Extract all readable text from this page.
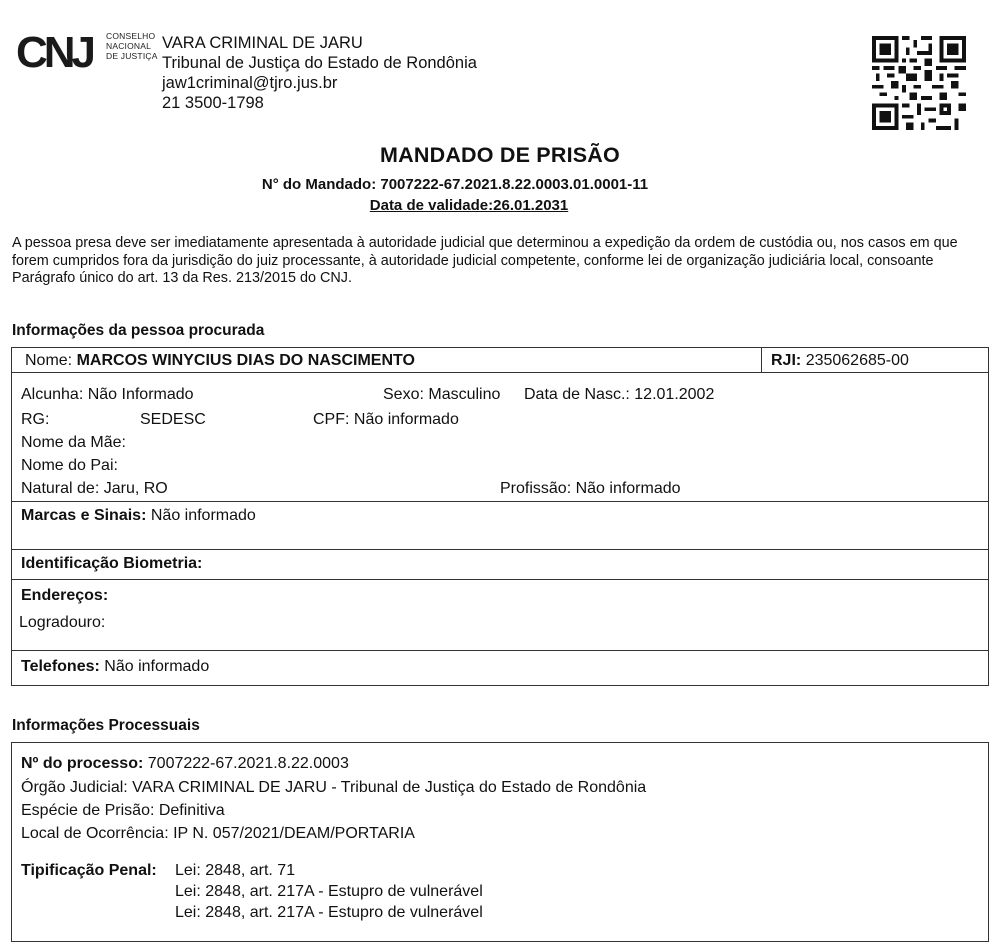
CNJ CONSELHO
NACIONAL
DE JUSTIÇA
VARA CRIMINAL DE JARU
Tribunal de Justiça do Estado de Rondônia
jaw1criminal@tjro.jus.br
21 3500-1798
MANDADO DE PRISÃO
N° do Mandado: 7007222-67.2021.8.22.0003.01.0001-11
Data de validade:26.01.2031
A pessoa presa deve ser imediatamente apresentada à autoridade judicial que determinou a expedição da ordem de custódia ou, nos casos em que forem cumpridos fora da jurisdição do juiz processante, à autoridade judicial competente, conforme lei de organização judiciária local, consoante Parágrafo único do art. 13 da Res. 213/2015 do CNJ.
Informações da pessoa procurada
Nome: MARCOS WINYCIUS DIAS DO NASCIMENTO	RJI: 235062685-00
Alcunha: Não Informado	Sexo: Masculino Data de Nasc.: 12.01.2002
RG:	SEDESC	CPF: Não informado
Nome da Mãe:
Nome do Pai:
Natural de: Jaru, RO	Profissão: Não informado
Marcas e Sinais: Não informado
Identificação Biometria:
Endereços:
Logradouro:
Telefones: Não informado
Informações Processuais
Nº do processo: 7007222-67.2021.8.22.0003
Órgão Judicial: VARA CRIMINAL DE JARU - Tribunal de Justiça do Estado de Rondônia
Espécie de Prisão: Definitiva
Local de Ocorrência: IP N. 057/2021/DEAM/PORTARIA
Tipificação Penal: Lei: 2848, art. 71
Lei: 2848, art. 217A - Estupro de vulnerável
Lei: 2848, art. 217A - Estupro de vulnerável
